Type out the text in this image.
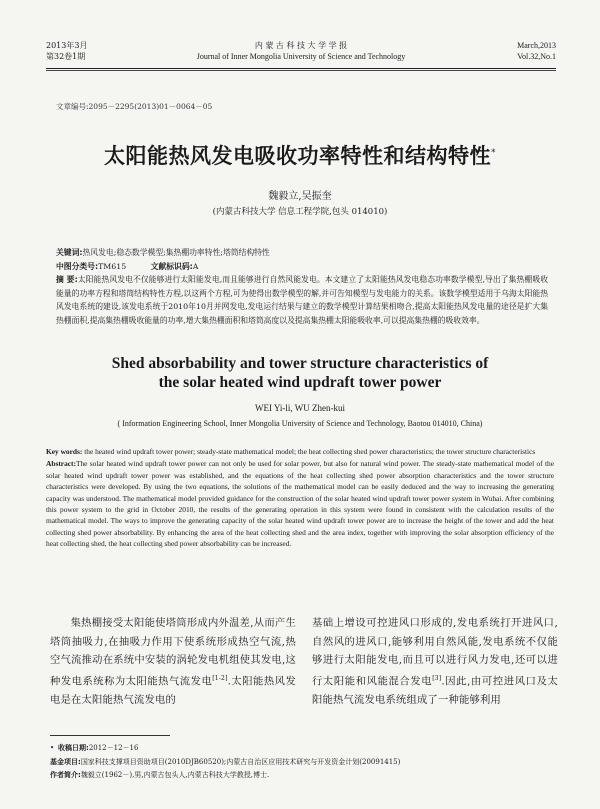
2013年3月
第32卷1期
内 蒙 古 科 技 大 学 学 报
Journal of Inner Mongolia University of Science and Technology
March,2013
Vol.32,No.1
文章编号:2095－2295(2013)01－0064－05
太阳能热风发电吸收功率特性和结构特性*
魏毅立,吴振奎
(内蒙古科技大学 信息工程学院,包头 014010)

关键词:热风发电;稳态数学模型;集热棚功率特性;塔筒结构特性

中图分类号:TM615	文献标识码:A

摘 要:太阳能热风发电不仅能够进行太阳能发电,而且能够进行自然风能发电。本文建立了太阳能热风发电稳态功率数学模型,导出了集热棚吸收能量的功率方程和塔筒结构特性方程,以这两个方程,可为使得出数学模型的解,并可告知模型与发电能力的关系。该数学模型适用于乌海太阳能热风发电系统的建设,该发电系统于2010年10月并网发电,发电运行结果与建立的数学模型计算结果相吻合,提高太阳能热风发电量的途径是扩大集热棚面积,提高集热棚吸收能量的功率,增大集热棚面积和塔筒高度以及提高集热棚太阳能吸收率,可以提高集热棚的吸收效率。

Shed absorbability and tower structure characteristics of
the solar heated wind updraft tower power
WEI Yi-li, WU Zhen-kui
( Information Engineering School, Inner Mongolia University of Science and Technology, Baotou 014010, China)

Key words: the heated wind updraft tower power; steady-state mathematical model; the heat collecting shed power characteristics; the tower structure characteristics

Abstract:The solar heated wind updraft tower power can not only be used for solar power, but also for natural wind power. The steady-state mathematical model of the solar heated wind updraft tower power was established, and the equations of the heat collecting shed power absorption characteristics and the tower structure characteristics were developed. By using the two equations, the solutions of the mathematical model can be easily deduced and the way to increasing the generating capacity was understood. The mathematical model provided guidance for the construction of the solar heated wind updraft tower power system in Wuhai. After combining this power system to the grid in October 2010, the results of the generating operation in this system were found in consistent with the calculation results of the mathematical model. The ways to improve the generating capacity of the solar heated wind updraft tower power are to increase the height of the tower and add the heat collecting shed power absorbability. By enhancing the area of the heat collecting shed and the area index, together with improving the solar absorption efficiency of the heat collecting shed, the heat collecting shed power absorbability can be increased.

集热棚接受太阳能使塔筒形成内外温差,从而产生塔筒抽吸力,在抽吸力作用下使系统形成热空气流,热空气流推动在系统中安装的涡轮发电机组使其发电,这种发电系统称为太阳能热气流发电[1-2].太阳能热风发电是在太阳能热气流发电的
基础上增设可控进风口形成的,发电系统打开进风口,自然风的进风口,能够利用自然风能,发电系统不仅能够进行太阳能发电,而且可以进行风力发电,还可以进行太阳能和风能混合发电[3].因此,由可控进风口及太阳能热气流发电系统组成了一种能够利用

• 收稿日期:2012－12－16

基金项目:国家科技支撑项目资助项目(2010DJB60520);内蒙古自治区应用技术研究与开发资金计划(20091415)

作者简介:魏毅立(1962－),男,内蒙古包头人,内蒙古科技大学教授,博士.
